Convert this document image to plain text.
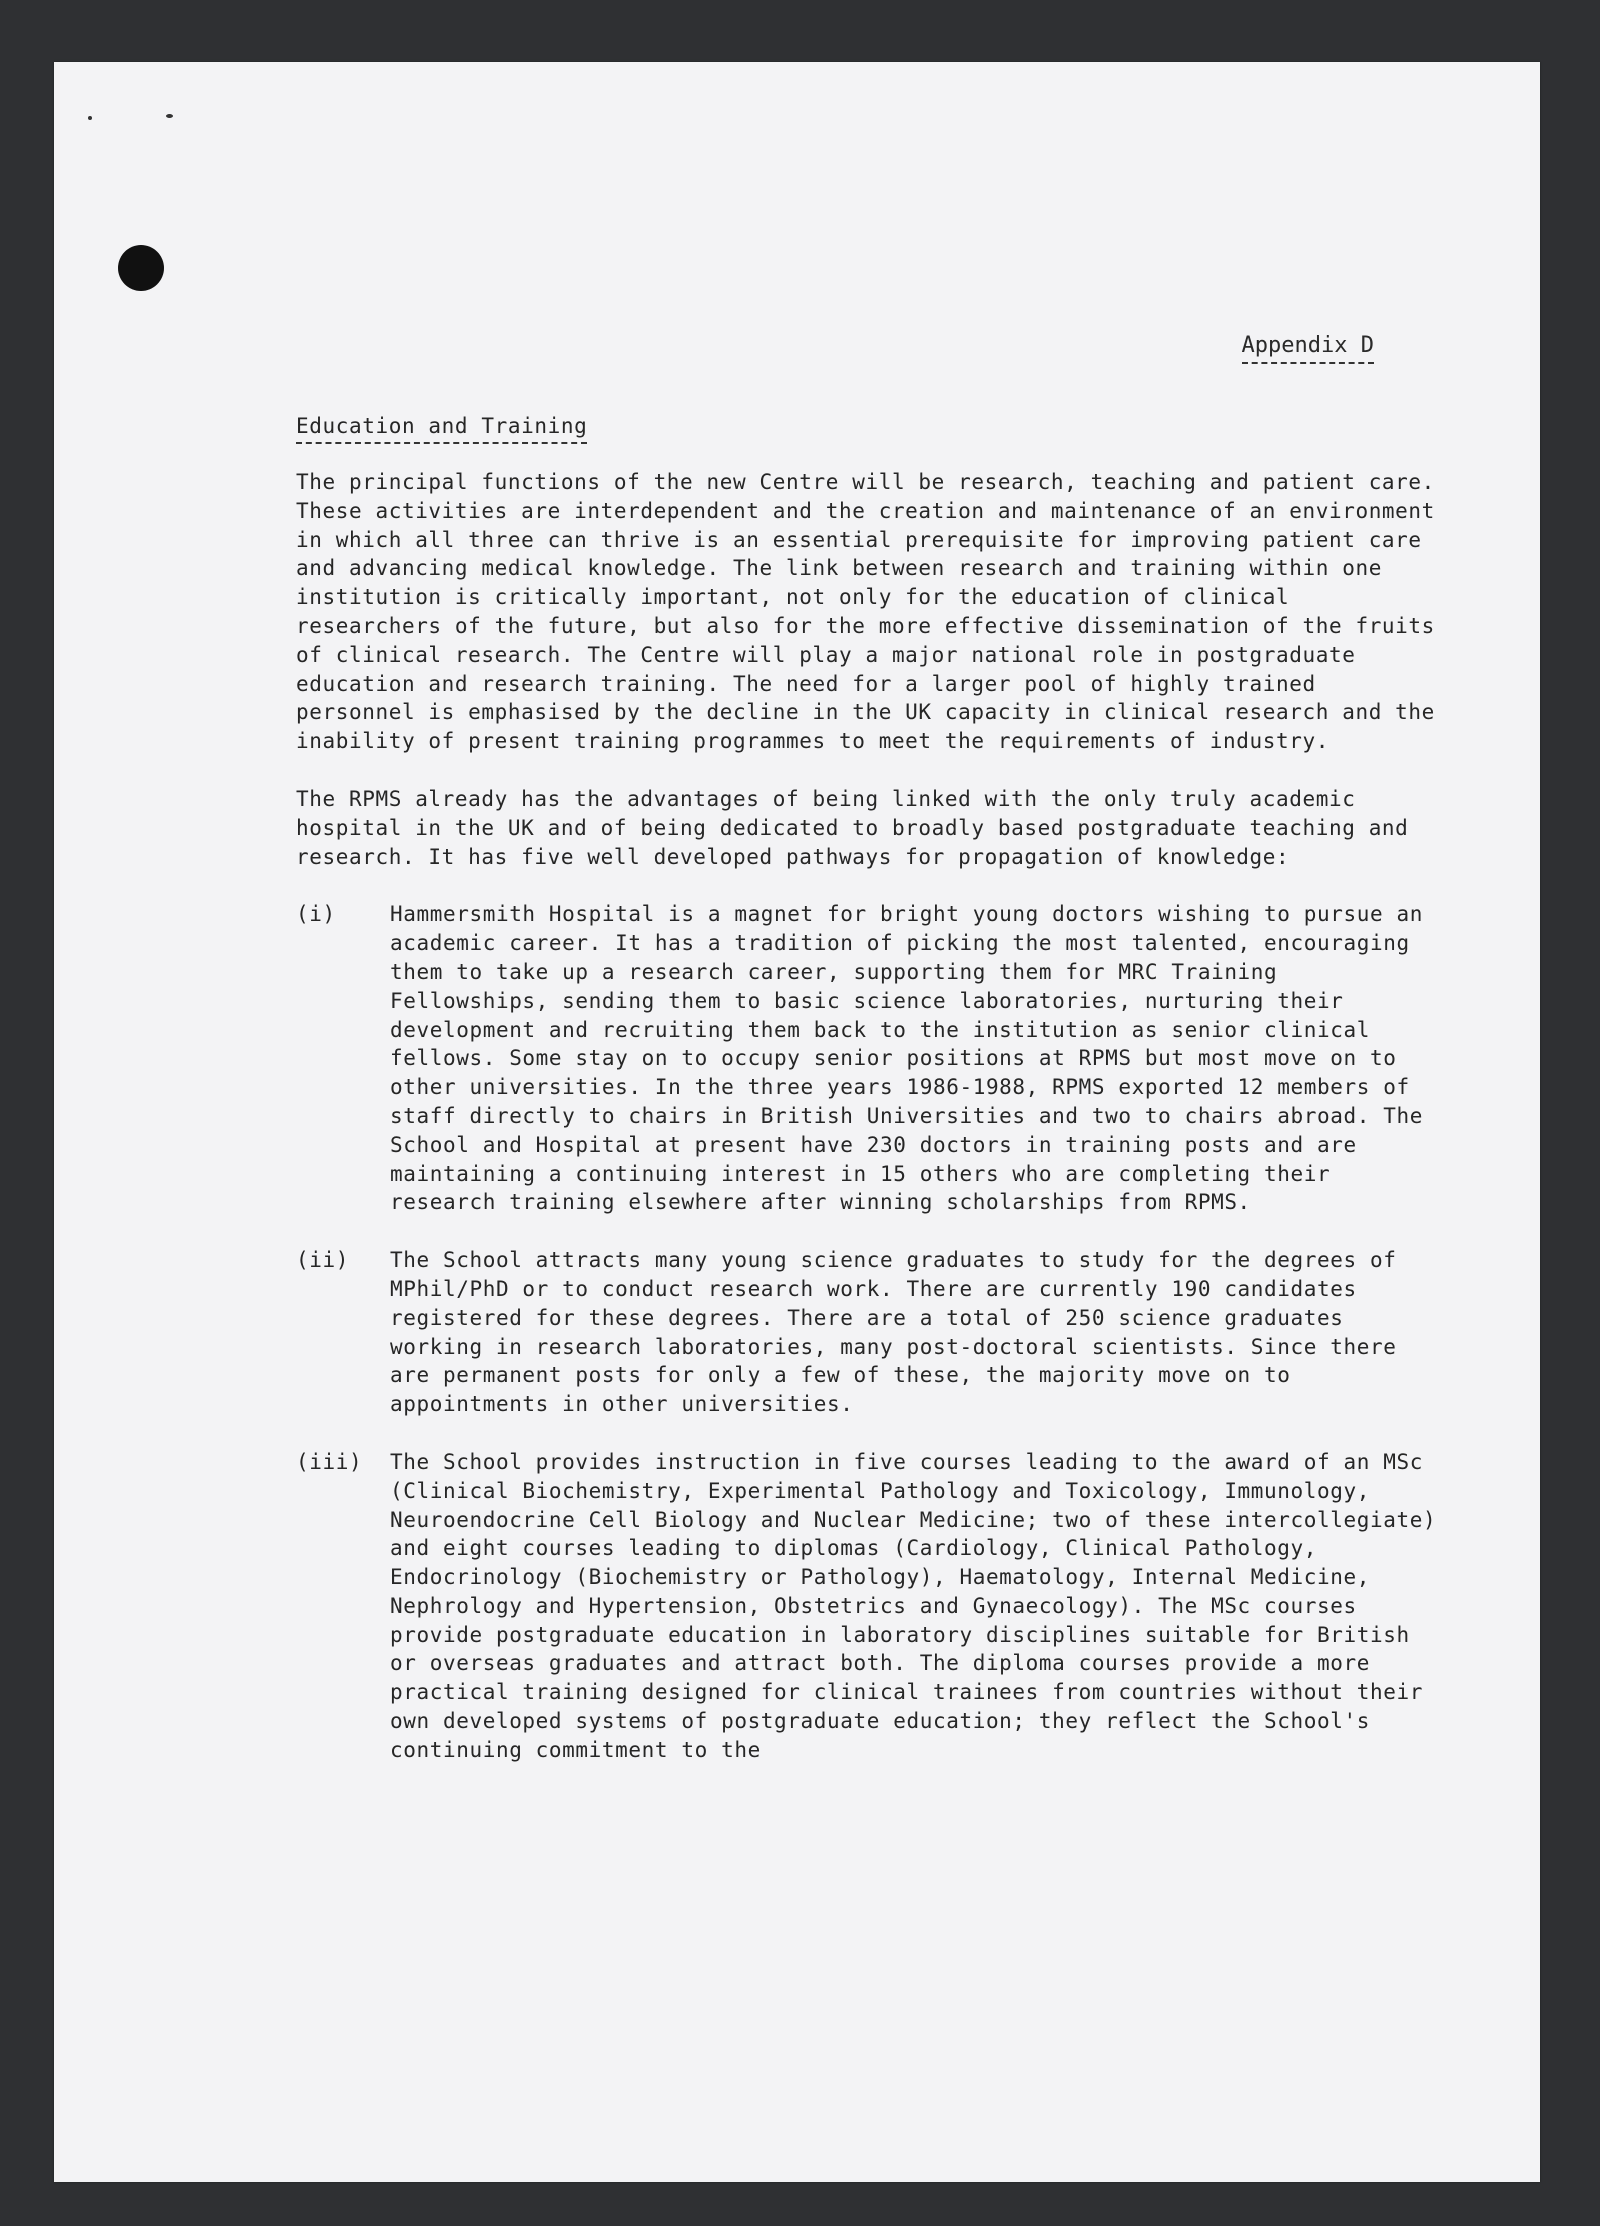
Appendix D
Education and Training

The principal functions of the new Centre will be research, teaching and patient care. These activities are interdependent and the creation and maintenance of an environment in which all three can thrive is an essential prerequisite for improving patient care and advancing medical knowledge. The link between research and training within one institution is critically important, not only for the education of clinical researchers of the future, but also for the more effective dissemination of the fruits of clinical research. The Centre will play a major national role in postgraduate education and research training. The need for a larger pool of highly trained personnel is emphasised by the decline in the UK capacity in clinical research and the inability of present training programmes to meet the requirements of industry.

The RPMS already has the advantages of being linked with the only truly academic hospital in the UK and of being dedicated to broadly based postgraduate teaching and research. It has five well developed pathways for propagation of knowledge:

(i)	Hammersmith Hospital is a magnet for bright young doctors wishing to pursue an academic career. It has a tradition of picking the most talented, encouraging them to take up a research career, supporting them for MRC Training Fellowships, sending them to basic science laboratories, nurturing their development and recruiting them back to the institution as senior clinical fellows. Some stay on to occupy senior positions at RPMS but most move on to other universities. In the three years 1986-1988, RPMS exported 12 members of staff directly to chairs in British Universities and two to chairs abroad. The School and Hospital at present have 230 doctors in training posts and are maintaining a continuing interest in 15 others who are completing their research training elsewhere after winning scholarships from RPMS.
(ii)	The School attracts many young science graduates to study for the degrees of MPhil/PhD or to conduct research work. There are currently 190 candidates registered for these degrees. There are a total of 250 science graduates working in research laboratories, many post-doctoral scientists. Since there are permanent posts for only a few of these, the majority move on to appointments in other universities.
(iii)	The School provides instruction in five courses leading to the award of an MSc (Clinical Biochemistry, Experimental Pathology and Toxicology, Immunology, Neuroendocrine Cell Biology and Nuclear Medicine; two of these intercollegiate) and eight courses leading to diplomas (Cardiology, Clinical Pathology, Endocrinology (Biochemistry or Pathology), Haematology, Internal Medicine, Nephrology and Hypertension, Obstetrics and Gynaecology). The MSc courses provide postgraduate education in laboratory disciplines suitable for British or overseas graduates and attract both. The diploma courses provide a more practical training designed for clinical trainees from countries without their own developed systems of postgraduate education; they reflect the School's continuing commitment to the
